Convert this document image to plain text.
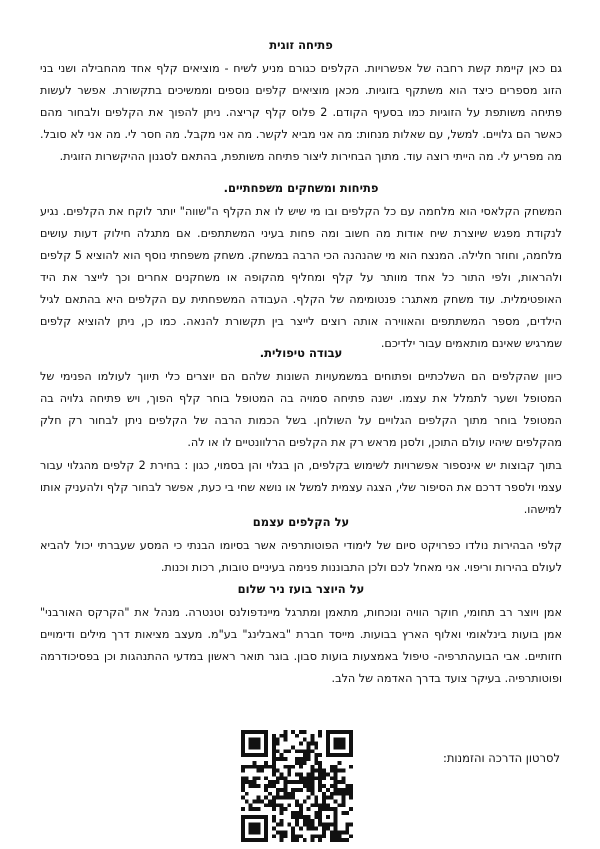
פתיחה זוגית

גם כאן קיימת קשת רחבה של אפשרויות. הקלפים כגורם מניע לשיח - מוציאים קלף אחד מהחבילה ושני בני הזוג מספרים כיצד הוא משתקף בזוגיות. מכאן מוציאים קלפים נוספים וממשיכים בתקשורת. אפשר לעשות פתיחה משותפת על הזוגיות כמו בסעיף הקודם. 2 פלוס קלף קריצה. ניתן להפוך את הקלפים ולבחור מהם כאשר הם גלויים. למשל, עם שאלות מנחות: מה אני מביא לקשר. מה אני מקבל. מה חסר לי. מה אני לא סובל. מה מפריע לי. מה הייתי רוצה עוד. מתוך הבחירות ליצור פתיחה משותפת, בהתאם לסגנון ההיקשרות הזוגית.

פתיחות ומשחקים משפחתיים.

המשחק הקלאסי הוא מלחמה עם כל הקלפים ובו מי שיש לו את הקלף ה"שווה" יותר לוקח את הקלפים. נגיע לנקודת מפגש שיוצרת שיח אודות מה חשוב ומה פחות בעיני המשתתפים. אם מתגלה חילוק דעות עושים מלחמה, וחוזר חלילה. המנצח הוא מי שהנהנה הכי הרבה במשחק. משחק משפחתי נוסף הוא להוציא 5 קלפים ולהראות, ולפי התור כל אחד מוותר על קלף ומחליף מהקופה או משחקנים אחרים וכך לייצר את היד האופטימלית. עוד משחק מאתגר: פנטומימה של הקלף. העבודה המשפחתית עם הקלפים היא בהתאם לגיל הילדים, מספר המשתתפים והאווירה אותה רוצים לייצר בין תקשורת להנאה. כמו כן, ניתן להוציא קלפים שמרגיש שאינם מותאמים עבור ילדיכם.

עבודה טיפולית.

כיוון שהקלפים הם השלכתיים ופתוחים במשמעויות השונות שלהם הם יוצרים כלי תיווך לעולמו הפנימי של המטופל ושער לתמלל את עצמו. ישנה פתיחה סמויה בה המטופל בוחר קלף הפוך, ויש פתיחה גלויה בה המטופל בוחר מתוך הקלפים הגלויים על השולחן. בשל הכמות הרבה של הקלפים ניתן לבחור רק חלק מהקלפים שיהיו עולם התוכן, ולסנן מראש רק את הקלפים הרלוונטיים לו או לה.

בתוך קבוצות יש אינספור אפשרויות לשימוש בקלפים, הן בגלוי והן בסמוי, כגון : בחירת 2 קלפים מהגלוי עבור עצמי ולספר דרכם את הסיפור שלי, הצגה עצמית למשל או נושא שחי בי כעת, אפשר לבחור קלף ולהעניק אותו למישהו.

על הקלפים עצמם

קלפי הבהירות נולדו כפרויקט סיום של לימודי הפוטותרפיה אשר בסיומו הבנתי כי המסע שעברתי יכול להביא לעולם בהירות וריפוי. אני מאחל לכם ולכן התבוננות פנימה בעיניים טובות, רכות וכנות.

על היוצר בועז ניר שלום

אמן ויוצר רב תחומי, חוקר הוויה ונוכחות, מתאמן ומתרגל מיינדפולנס וטנטרה. מנהל את "הקרקס האורבני" אמן בועות בינלאומי ואלוף הארץ בבועות. מייסד חברת "באבלינג" בע"מ. מעצב מציאות דרך מילים ודימויים חזותיים. אבי הבועהתרפיה- טיפול באמצעות בועות סבון. בוגר תואר ראשון במדעי ההתנהגות וכן בפסיכודרמה ופוטותרפיה. בעיקר צועד בדרך האדמה של הלב.

לסרטון הדרכה והזמנות:
